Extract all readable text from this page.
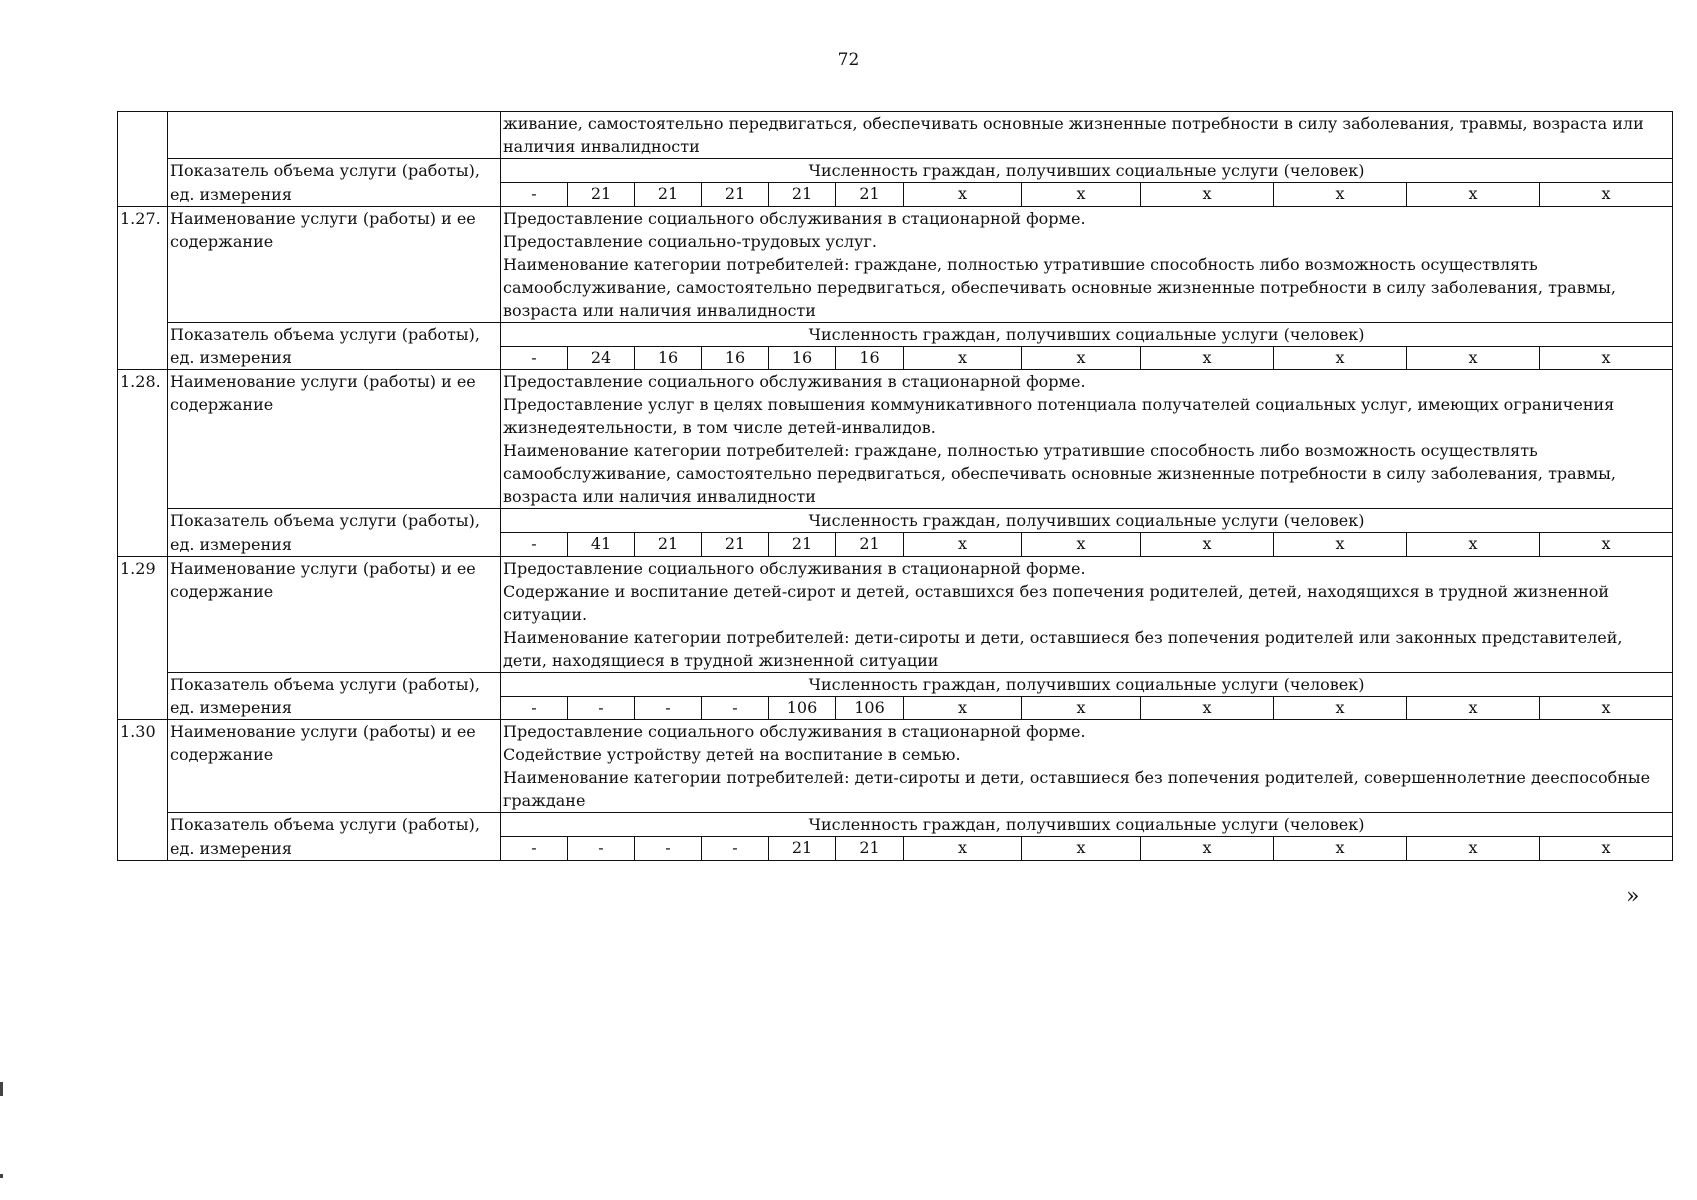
72

		живание, самостоятельно передвигаться, обеспечивать основные жизненные потребности в силу заболевания, травмы, возраста или наличия инвалидности											

	Показатель объема услуги (работы),	Численность граждан, получивших социальные услуги (человек)											
	ед. измерения	-	21	21	21	21	21	х	х	х	х	х	х
1.27.	Наименование услуги (работы) и ее содержание	Предоставление социального обслуживания в стационарной форме.

Предоставление социально-трудовых услуг.

Наименование категории потребителей: граждане, полностью утратившие способность либо возможность осуществлять самообслуживание, самостоятельно передвигаться, обеспечивать основные жизненные потребности в силу заболевания, травмы, возраста или наличия инвалидности											

	Показатель объема услуги (работы),	Численность граждан, получивших социальные услуги (человек)											
	ед. измерения	-	24	16	16	16	16	х	х	х	х	х	х
1.28.	Наименование услуги (работы) и ее содержание	Предоставление социального обслуживания в стационарной форме.

Предоставление услуг в целях повышения коммуникативного потенциала получателей социальных услуг, имеющих ограничения жизнедеятельности, в том числе детей-инвалидов.

Наименование категории потребителей: граждане, полностью утратившие способность либо возможность осуществлять самообслуживание, самостоятельно передвигаться, обеспечивать основные жизненные потребности в силу заболевания, травмы, возраста или наличия инвалидности											

	Показатель объема услуги (работы),	Численность граждан, получивших социальные услуги (человек)											
	ед. измерения	-	41	21	21	21	21	х	х	х	х	х	х
1.29	Наименование услуги (работы) и ее содержание	Предоставление социального обслуживания в стационарной форме.

Содержание и воспитание детей-сирот и детей, оставшихся без попечения родителей, детей, находящихся в трудной жизненной ситуации.

Наименование категории потребителей: дети-сироты и дети, оставшиеся без попечения родителей или законных представителей, дети, находящиеся в трудной жизненной ситуации											

	Показатель объема услуги (работы),	Численность граждан, получивших социальные услуги (человек)											
	ед. измерения	-	-	-	-	106	106	х	х	х	х	х	х
1.30	Наименование услуги (работы) и ее содержание	Предоставление социального обслуживания в стационарной форме.

Содействие устройству детей на воспитание в семью.

Наименование категории потребителей: дети-сироты и дети, оставшиеся без попечения родителей, совершеннолетние дееспособные граждане											

	Показатель объема услуги (работы),	Численность граждан, получивших социальные услуги (человек)											
	ед. измерения	-	-	-	-	21	21	х	х	х	х	х	х
»
